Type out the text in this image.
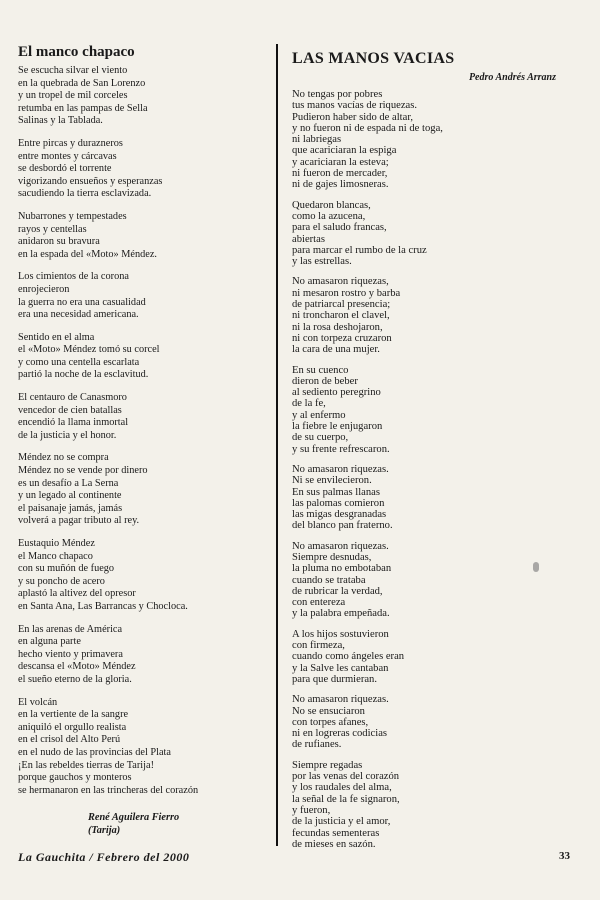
El manco chapaco
Se escucha silvar el viento
en la quebrada de San Lorenzo
y un tropel de mil corceles
retumba en las pampas de Sella
Salinas y la Tablada.
Entre pircas y durazneros
entre montes y cárcavas
se desbordó el torrente
vigorizando ensueños y esperanzas
sacudiendo la tierra esclavizada.
Nubarrones y tempestades
rayos y centellas
anidaron su bravura
en la espada del «Moto» Méndez.
Los cimientos de la corona
enrojecieron
la guerra no era una casualidad
era una necesidad americana.
Sentido en el alma
el «Moto» Méndez tomó su corcel
y como una centella escarlata
partió la noche de la esclavitud.
El centauro de Canasmoro
vencedor de cien batallas
encendió la llama inmortal
de la justicia y el honor.
Méndez no se compra
Méndez no se vende por dinero
es un desafío a La Serna
y un legado al continente
el paisanaje jamás, jamás
volverá a pagar tributo al rey.
Eustaquio Méndez
el Manco chapaco
con su muñón de fuego
y su poncho de acero
aplastó la altivez del opresor
en Santa Ana, Las Barrancas y Chocloca.
En las arenas de América
en alguna parte
hecho viento y primavera
descansa el «Moto» Méndez
el sueño eterno de la gloria.
El volcán
en la vertiente de la sangre
aniquiló el orgullo realista
en el crisol del Alto Perú
en el nudo de las provincias del Plata
¡En las rebeldes tierras de Tarija!
porque gauchos y monteros
se hermanaron en las trincheras del corazón
René Aguilera Fierro
(Tarija)
LAS MANOS VACIAS
Pedro Andrés Arranz
No tengas por pobres
tus manos vacías de riquezas.
Pudieron haber sido de altar,
y no fueron ni de espada ni de toga,
ni labriegas
que acariciaran la espiga
y acariciaran la esteva;
ni fueron de mercader,
ni de gajes limosneras.
Quedaron blancas,
como la azucena,
para el saludo francas,
abiertas
para marcar el rumbo de la cruz
y las estrellas.
No amasaron riquezas,
ni mesaron rostro y barba
de patriarcal presencia;
ni troncharon el clavel,
ni la rosa deshojaron,
ni con torpeza cruzaron
la cara de una mujer.
En su cuenco
dieron de beber
al sediento peregrino
de la fe,
y al enfermo
la fiebre le enjugaron
de su cuerpo,
y su frente refrescaron.
No amasaron riquezas.
Ni se envilecieron.
En sus palmas llanas
las palomas comieron
las migas desgranadas
del blanco pan fraterno.
No amasaron riquezas.
Siempre desnudas,
la pluma no embotaban
cuando se trataba
de rubricar la verdad,
con entereza
y la palabra empeñada.
A los hijos sostuvieron
con firmeza,
cuando como ángeles eran
y la Salve les cantaban
para que durmieran.
No amasaron riquezas.
No se ensuciaron
con torpes afanes,
ni en logreras codicias
de rufianes.
Siempre regadas
por las venas del corazón
y los raudales del alma,
la señal de la fe signaron,
y fueron,
de la justicia y el amor,
fecundas sementeras
de mieses en sazón.
La Gauchita / Febrero del 2000	33
